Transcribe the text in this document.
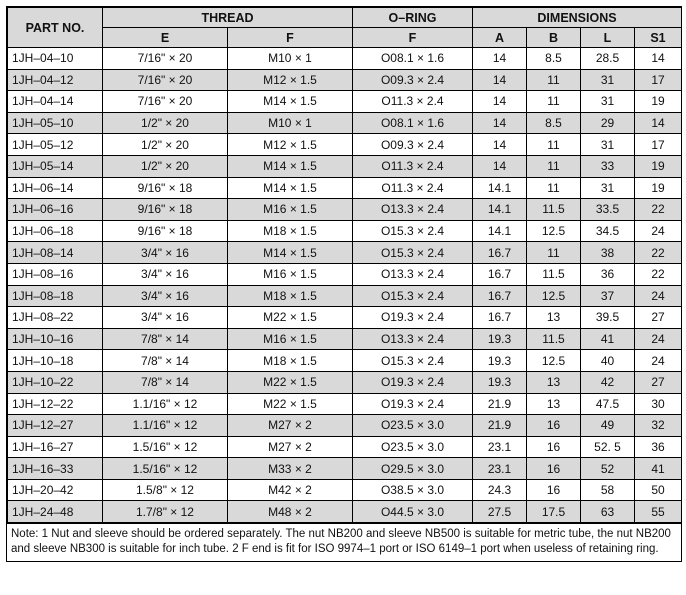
PART NO.	THREAD		O–RING	DIMENSIONS			
	E	F	F	A	B	L	S1
1JH–04–10	7/16" × 20	M10 × 1	O08.1 × 1.6	14	8.5	28.5	14
1JH–04–12	7/16" × 20	M12 × 1.5	O09.3 × 2.4	14	11	31	17
1JH–04–14	7/16" × 20	M14 × 1.5	O11.3 × 2.4	14	11	31	19
1JH–05–10	1/2" × 20	M10 × 1	O08.1 × 1.6	14	8.5	29	14
1JH–05–12	1/2" × 20	M12 × 1.5	O09.3 × 2.4	14	11	31	17
1JH–05–14	1/2" × 20	M14 × 1.5	O11.3 × 2.4	14	11	33	19
1JH–06–14	9/16" × 18	M14 × 1.5	O11.3 × 2.4	14.1	11	31	19
1JH–06–16	9/16" × 18	M16 × 1.5	O13.3 × 2.4	14.1	11.5	33.5	22
1JH–06–18	9/16" × 18	M18 × 1.5	O15.3 × 2.4	14.1	12.5	34.5	24
1JH–08–14	3/4" × 16	M14 × 1.5	O15.3 × 2.4	16.7	11	38	22
1JH–08–16	3/4" × 16	M16 × 1.5	O13.3 × 2.4	16.7	11.5	36	22
1JH–08–18	3/4" × 16	M18 × 1.5	O15.3 × 2.4	16.7	12.5	37	24
1JH–08–22	3/4" × 16	M22 × 1.5	O19.3 × 2.4	16.7	13	39.5	27
1JH–10–16	7/8" × 14	M16 × 1.5	O13.3 × 2.4	19.3	11.5	41	24
1JH–10–18	7/8" × 14	M18 × 1.5	O15.3 × 2.4	19.3	12.5	40	24
1JH–10–22	7/8" × 14	M22 × 1.5	O19.3 × 2.4	19.3	13	42	27
1JH–12–22	1.1/16" × 12	M22 × 1.5	O19.3 × 2.4	21.9	13	47.5	30
1JH–12–27	1.1/16" × 12	M27 × 2	O23.5 × 3.0	21.9	16	49	32
1JH–16–27	1.5/16" × 12	M27 × 2	O23.5 × 3.0	23.1	16	52. 5	36
1JH–16–33	1.5/16" × 12	M33 × 2	O29.5 × 3.0	23.1	16	52	41
1JH–20–42	1.5/8" × 12	M42 × 2	O38.5 × 3.0	24.3	16	58	50
1JH–24–48	1.7/8" × 12	M48 × 2	O44.5 × 3.0	27.5	17.5	63	55
Note: 1 Nut and sleeve should be ordered separately. The nut NB200 and sleeve NB500 is suitable for metric tube, the nut NB200 and sleeve NB300 is suitable for inch tube. 2 F end is fit for ISO 9974–1 port or ISO 6149–1 port when useless of retaining ring.
